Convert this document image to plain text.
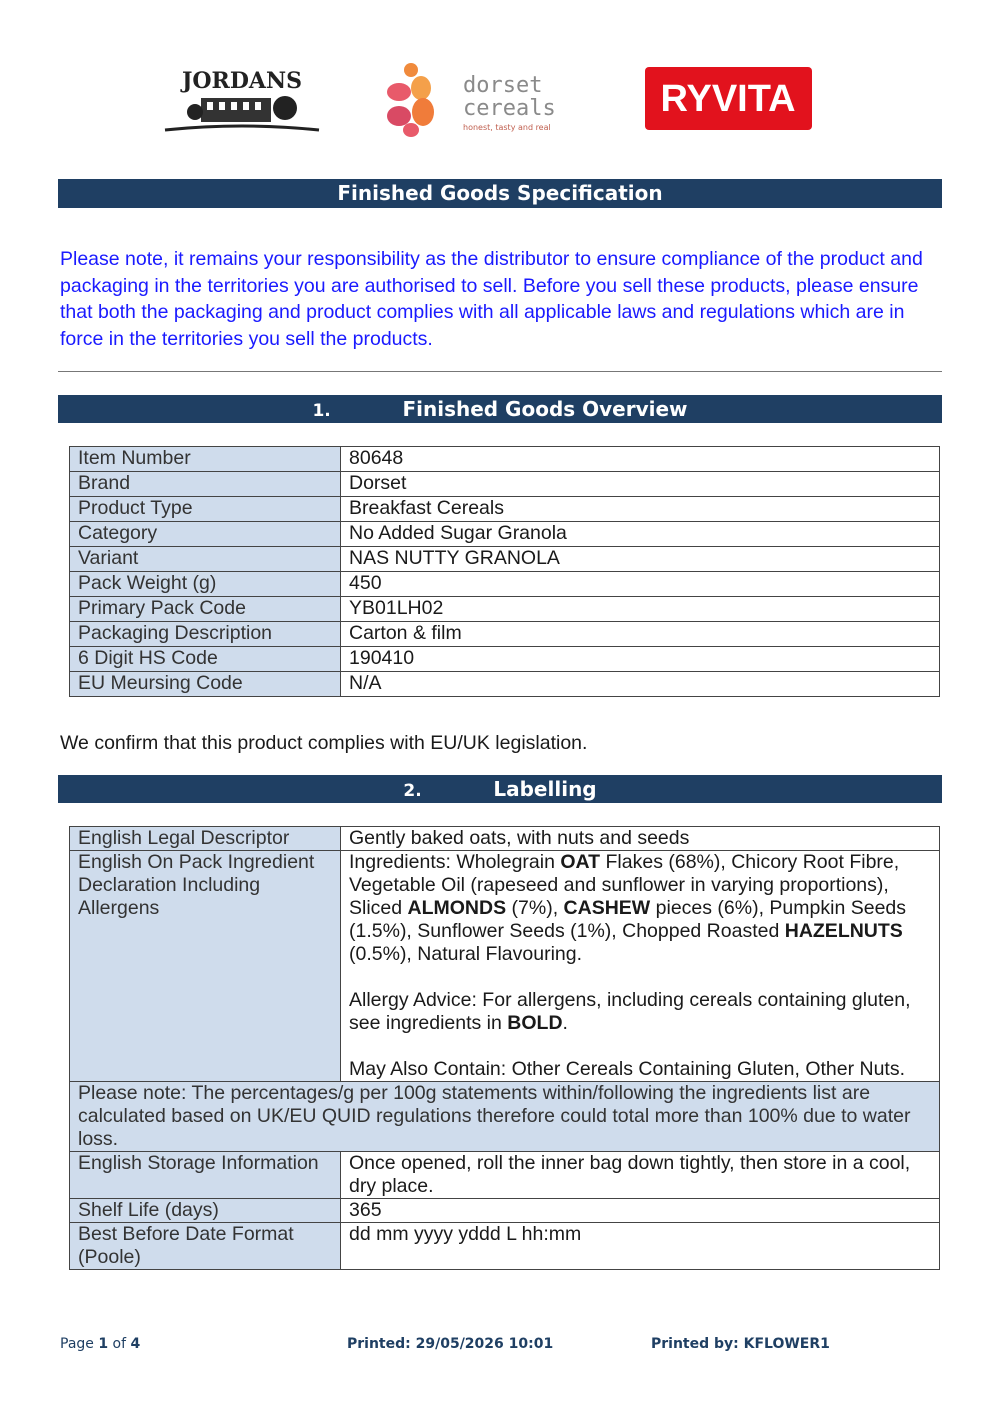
JORDANS	dorset
cereals
honest, tasty and real
RYVITA
Finished Goods Specification
Please note, it remains your responsibility as the distributor to ensure compliance of the product and packaging in the territories you are authorised to sell. Before you sell these products, please ensure that both the packaging and product complies with all applicable laws and regulations which are in force in the territories you sell the products.
1.	Finished Goods Overview
Item Number	80648
Brand	Dorset
Product Type	Breakfast Cereals
Category	No Added Sugar Granola
Variant	NAS NUTTY GRANOLA
Pack Weight (g)	450
Primary Pack Code	YB01LH02
Packaging Description	Carton & film
6 Digit HS Code	190410
EU Meursing Code	N/A
We confirm that this product complies with EU/UK legislation.
2.	Labelling
English Legal Descriptor	Gently baked oats, with nuts and seeds
English On Pack Ingredient Declaration Including Allergens	Ingredients: Wholegrain OAT Flakes (68%), Chicory Root Fibre, Vegetable Oil (rapeseed and sunflower in varying proportions), Sliced ALMONDS (7%), CASHEW pieces (6%), Pumpkin Seeds (1.5%), Sunflower Seeds (1%), Chopped Roasted HAZELNUTS (0.5%), Natural Flavouring.

Allergy Advice: For allergens, including cereals containing gluten, see ingredients in BOLD.

May Also Contain: Other Cereals Containing Gluten, Other Nuts.

Please note: The percentages/g per 100g statements within/following the ingredients list are calculated based on UK/EU QUID regulations therefore could total more than 100% due to water loss.	
English Storage Information	Once opened, roll the inner bag down tightly, then store in a cool, dry place.
Shelf Life (days)	365
Best Before Date Format (Poole)	dd mm yyyy yddd L hh:mm
Page 1 of 4	Printed: 29/05/2026 10:01	Printed by: KFLOWER1
